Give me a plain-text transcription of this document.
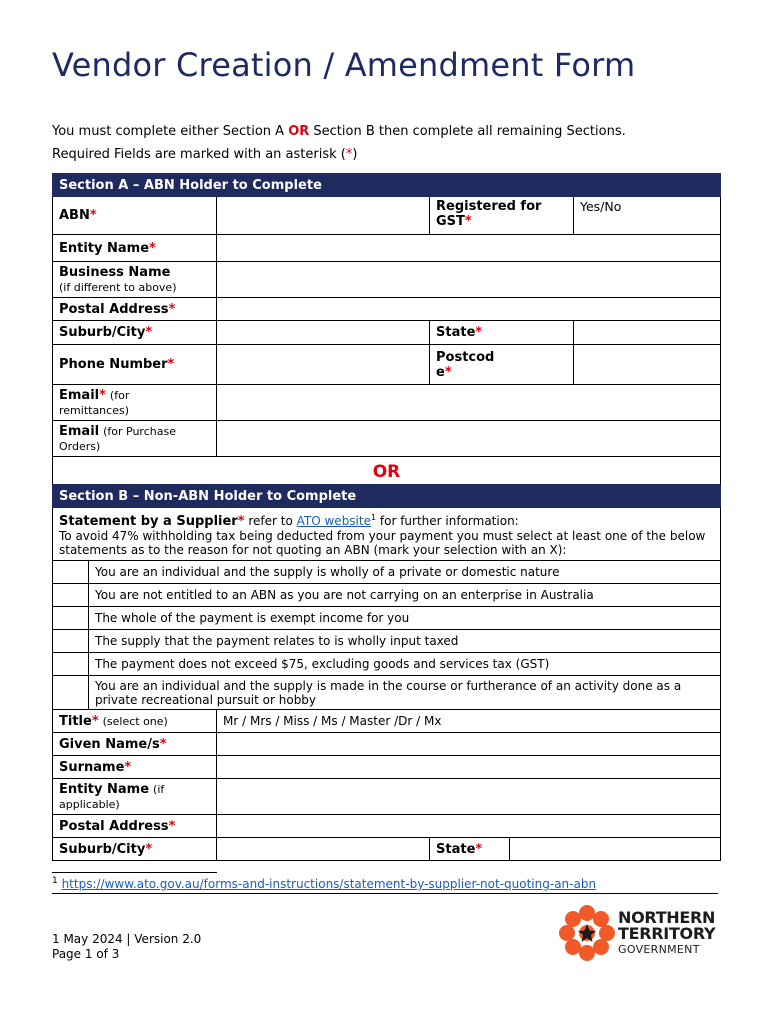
Vendor Creation / Amendment Form
You must complete either Section A OR Section B then complete all remaining Sections.
Required Fields are marked with an asterisk (*)
Section A – ABN Holder to Complete			
ABN*		Registered for GST*	Yes/No
Entity Name*			

Business Name
(if different to above)			

Postal Address*			
Suburb/City*		State *	

Phone Number*		Postcod
e*	

Email* (for
remittances)			

Email (for Purchase
Orders)			

OR			
Section B – Non-ABN Holder to Complete				
Statement by a Supplier* refer to ATO website$^1$ for further information:
To avoid 47% withholding tax being deducted from your payment you must select at least one of the below statements as to the reason for not quoting an ABN (mark your selection with an X):				

	You are an individual and the supply is wholly of a private or domestic nature			
	You are not entitled to an ABN as you are not carrying on an enterprise in Australia			
	The whole of the payment is exempt income for you			
	The supply that the payment relates to is wholly input taxed			
	The payment does not exceed $75, excluding goods and services tax (GST)			
	You are an individual and the supply is made in the course or furtherance of an activity done as a private recreational pursuit or hobby			
Title* (select one)		Mr / Mrs / Miss / Ms / Master /Dr / Mx		
Given Name/s*				
Surname*				
Entity Name (if
applicable)				

Postal Address*				
Suburb/City*			State*	
$^1$ https://www.ato.gov.au/forms-and-instructions/statement-by-supplier-not-quoting-an-abn
1 May 2024 | Version 2.0
Page 1 of 3
NORTHERN
TERRITORY
GOVERNMENT
